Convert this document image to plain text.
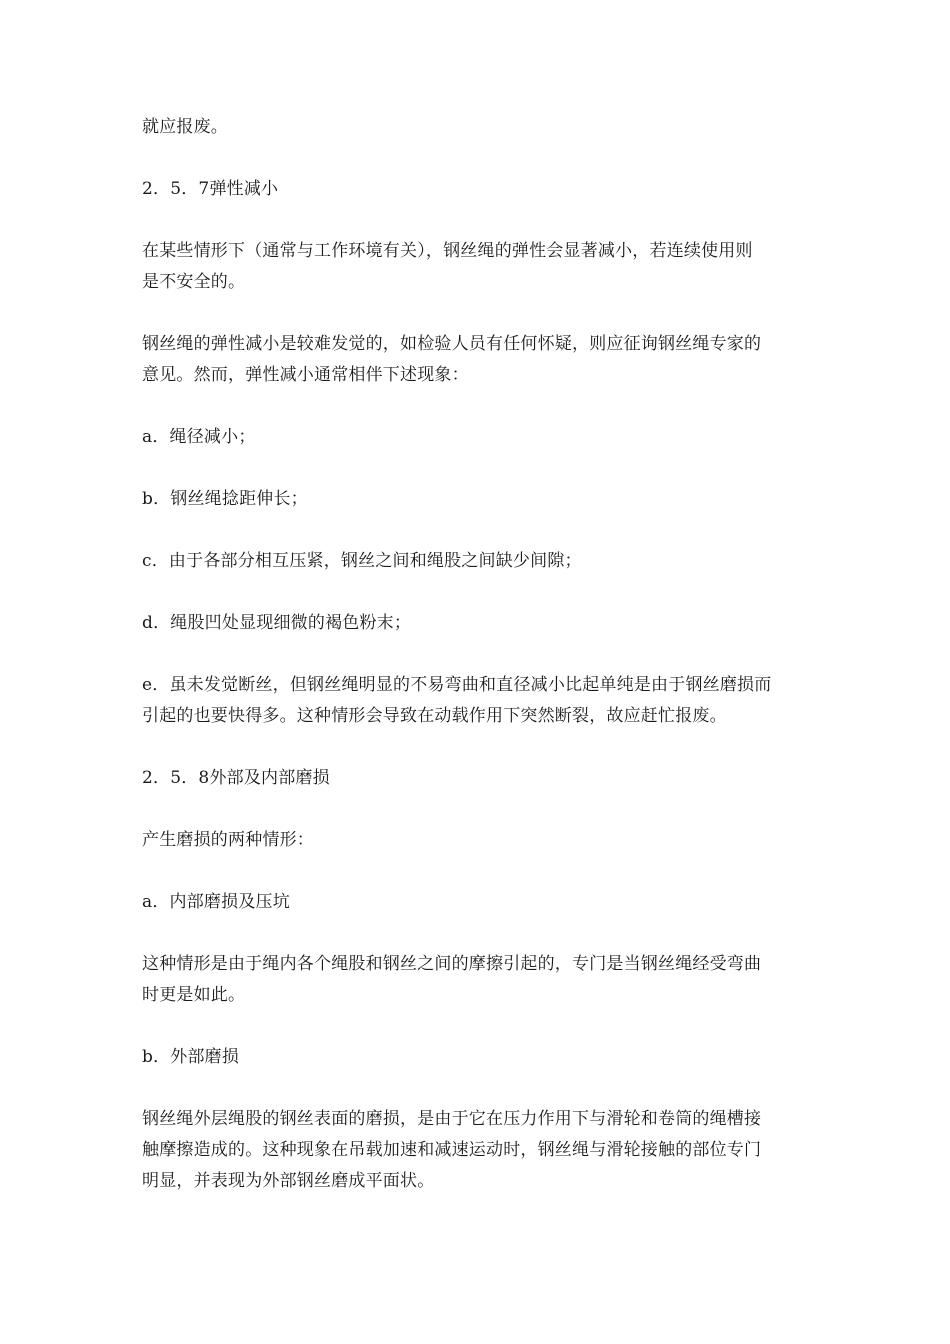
就应报废。

2．5．7弹性减小

在某些情形下（通常与工作环境有关），钢丝绳的弹性会显著减小，若连续使用则
是不安全的。

钢丝绳的弹性减小是较难发觉的，如检验人员有任何怀疑，则应征询钢丝绳专家的
意见。然而，弹性减小通常相伴下述现象：

a．绳径减小；

b．钢丝绳捻距伸长；

c．由于各部分相互压紧，钢丝之间和绳股之间缺少间隙；

d．绳股凹处显现细微的褐色粉末；

e．虽未发觉断丝，但钢丝绳明显的不易弯曲和直径减小比起单纯是由于钢丝磨损而
引起的也要快得多。这种情形会导致在动载作用下突然断裂，故应赶忙报废。

2．5．8外部及内部磨损

产生磨损的两种情形：

a．内部磨损及压坑

这种情形是由于绳内各个绳股和钢丝之间的摩擦引起的，专门是当钢丝绳经受弯曲
时更是如此。

b．外部磨损

钢丝绳外层绳股的钢丝表面的磨损，是由于它在压力作用下与滑轮和卷筒的绳槽接
触摩擦造成的。这种现象在吊载加速和减速运动时，钢丝绳与滑轮接触的部位专门
明显，并表现为外部钢丝磨成平面状。
